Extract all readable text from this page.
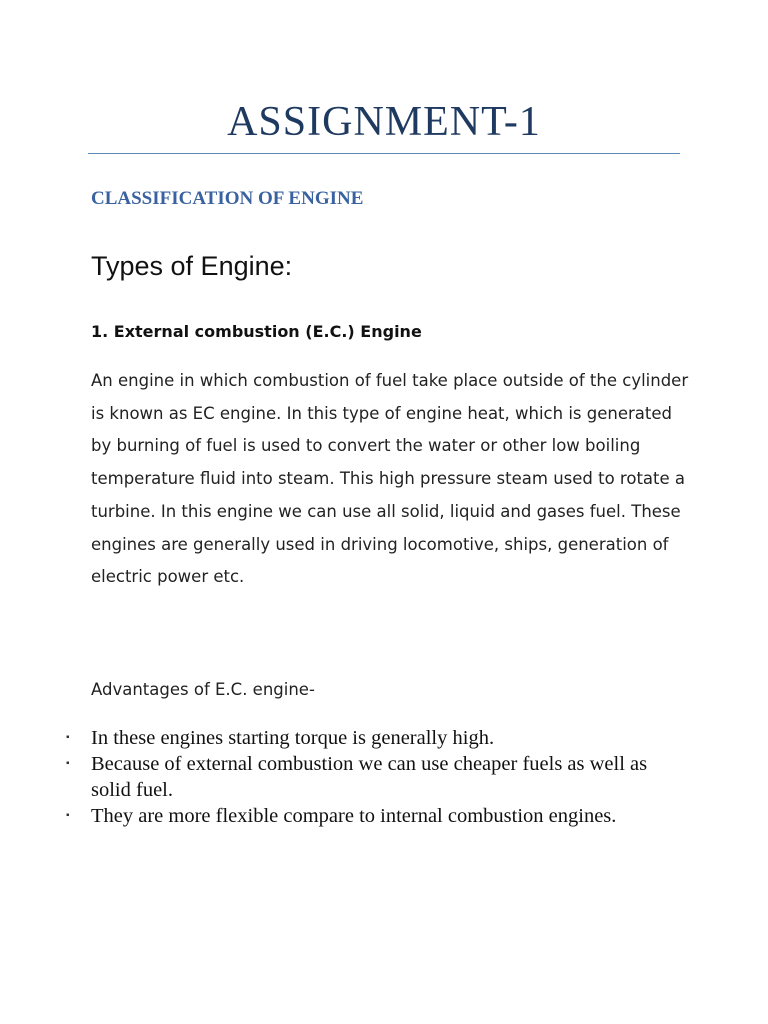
ASSIGNMENT-1
CLASSIFICATION OF ENGINE
Types of Engine:
1. External combustion (E.C.) Engine

An engine in which combustion of fuel take place outside of the cylinder is known as EC engine. In this type of engine heat, which is generated by burning of fuel is used to convert the water or other low boiling temperature fluid into steam. This high pressure steam used to rotate a turbine. In this engine we can use all solid, liquid and gases fuel. These engines are generally used in driving locomotive, ships, generation of electric power etc.

Advantages of E.C. engine-

▪ In these engines starting torque is generally high.
▪ Because of external combustion we can use cheaper fuels as well as solid fuel.
▪ They are more flexible compare to internal combustion engines.
